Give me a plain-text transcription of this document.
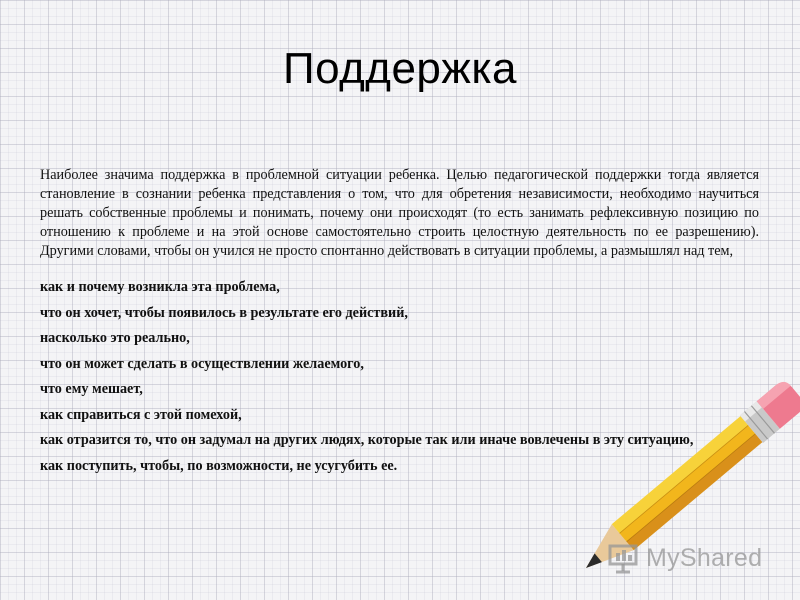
Поддержка

Наиболее значима поддержка в проблемной ситуации ребенка. Целью педагогической поддержки тогда является становление в сознании ребенка представления о том, что для обретения независимости, необходимо научиться решать собственные проблемы и понимать, почему они происходят (то есть занимать рефлексивную позицию по отношению к проблеме и на этой основе самостоятельно строить целостную деятельность по ее разрешению). Другими словами, чтобы он учился не просто спонтанно действовать в ситуации проблемы, а размышлял над тем,

как и почему возникла эта проблема,
что он хочет, чтобы появилось в результате его действий,
насколько это реально,
что он может сделать в осуществлении желаемого,
что ему мешает,
как справиться с этой помехой,
как отразится то, что он задумал на других людях, которые так или иначе вовлечены в эту ситуацию,
как поступить, чтобы, по возможности, не усугубить ее.
MyShared
